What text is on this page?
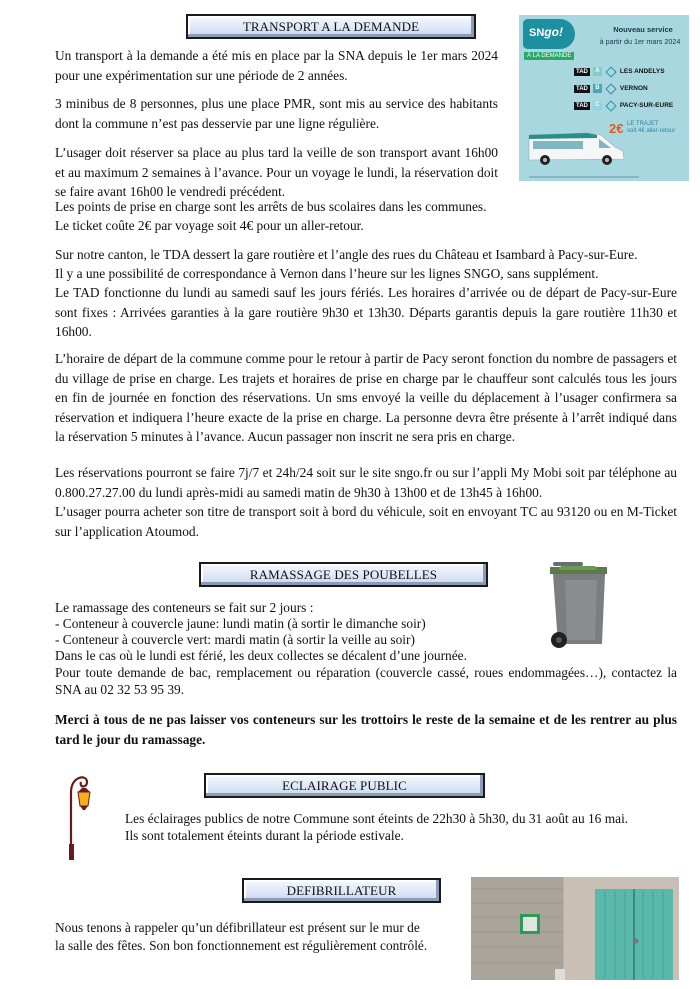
TRANSPORT A LA DEMANDE
Un transport à la demande a été mis en place par la SNA depuis le 1er mars 2024 pour une expérimentation sur une période de 2 années.
3 minibus de 8 personnes, plus une place PMR, sont mis au service des habitants dont la commune n’est pas desservie par une ligne régulière.
L’usager doit réserver sa place au plus tard la veille de son transport avant 16h00 et au maximum 2 semaines à l’avance. Pour un voyage le lundi, la réservation doit se faire avant 16h00 le vendredi précédent.
Les points de prise en charge sont les arrêts de bus scolaires dans les communes.
Le ticket coûte 2€ par voyage soit 4€ pour un aller-retour.
SNgo!
À LA DEMANDE
Nouveau service
à partir du 1er mars 2024
TAD	A	LES ANDELYS
TAD	B	VERNON
TAD	C	PACY-SUR-EURE
2€ LE TRAJET
soit 4€ aller-retour
Sur notre canton, le TDA dessert la gare routière et l’angle des rues du Château et Isambard à Pacy-sur-Eure.
Il y a une possibilité de correspondance à Vernon dans l’heure sur les lignes SNGO, sans supplément.
Le TAD fonctionne du lundi au samedi sauf les jours fériés. Les horaires d’arrivée ou de départ de Pacy-sur-Eure sont fixes : Arrivées garanties à la gare routière 9h30 et 13h30. Départs garantis depuis la gare routière 11h30 et 16h00.
L’horaire de départ de la commune comme pour le retour à partir de Pacy seront fonction du nombre de passagers et du village de prise en charge. Les trajets et horaires de prise en charge par le chauffeur sont calculés tous les jours en fin de journée en fonction des réservations. Un sms envoyé la veille du déplacement à l’usager confirmera sa réservation et indiquera l’heure exacte de la prise en charge. La personne devra être présente à l’arrêt indiqué dans la réservation 5 minutes à l’avance. Aucun passager non inscrit ne sera pris en charge.
Les réservations pourront se faire 7j/7 et 24h/24 soit sur le site sngo.fr ou sur l’appli My Mobi soit par téléphone au 0.800.27.27.00 du lundi après-midi au samedi matin de 9h30 à 13h00 et de 13h45 à 16h00.
L’usager pourra acheter son titre de transport soit à bord du véhicule, soit en envoyant TC au 93120 ou en M-Ticket sur l’application Atoumod.
RAMASSAGE DES POUBELLES
Le ramassage des conteneurs se fait sur 2 jours :
- Conteneur à couvercle jaune: lundi matin (à sortir le dimanche soir)
- Conteneur à couvercle vert: mardi matin (à sortir la veille au soir)
Dans le cas où le lundi est férié, les deux collectes se décalent d’une journée.
Pour toute demande de bac, remplacement ou réparation (couvercle cassé, roues endommagées…), contactez la SNA au 02 32 53 95 39.
Merci à tous de ne pas laisser vos conteneurs sur les trottoirs le reste de la semaine et de les rentrer au plus tard le jour du ramassage.
ECLAIRAGE PUBLIC
Les éclairages publics de notre Commune sont éteints de 22h30 à 5h30, du 31 août au 16 mai.
Ils sont totalement éteints durant la période estivale.
DEFIBRILLATEUR
Nous tenons à rappeler qu’un défibrillateur est présent sur le mur de la salle des fêtes. Son bon fonctionnement est régulièrement contrôlé.
